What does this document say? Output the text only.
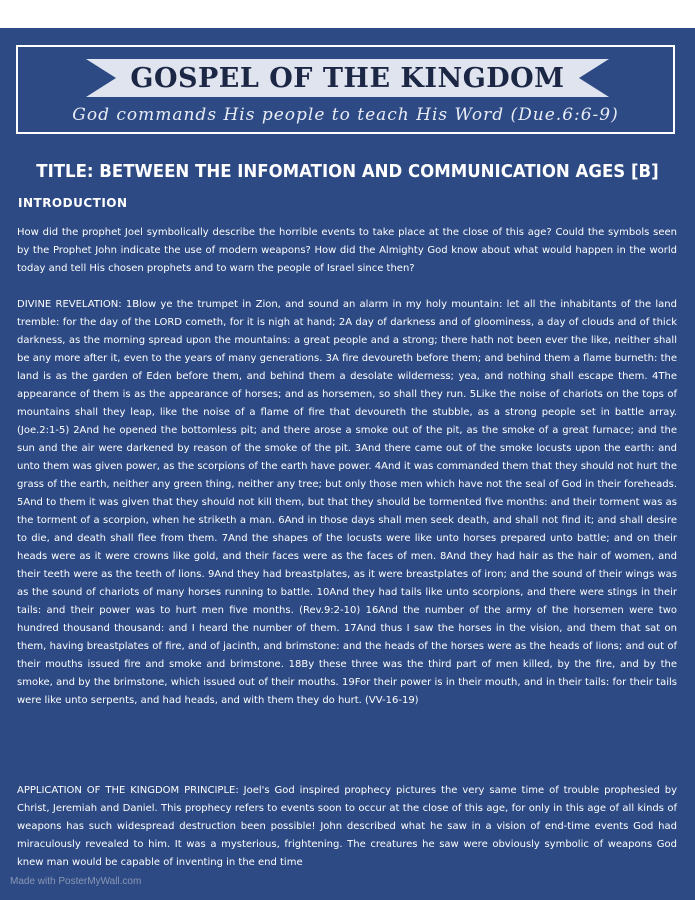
GOSPEL OF THE KINGDOM
God commands His people to teach His Word (Due.6:6-9)
TITLE: BETWEEN THE INFOMATION AND COMMUNICATION AGES [B]
INTRODUCTION

How did the prophet Joel symbolically describe the horrible events to take place at the close of this age? Could the symbols seen by the Prophet John indicate the use of modern weapons? How did the Almighty God know about what would happen in the world today and tell His chosen prophets and to warn the people of Israel since then?

DIVINE REVELATION: 1Blow ye the trumpet in Zion, and sound an alarm in my holy mountain: let all the inhabitants of the land tremble: for the day of the LORD cometh, for it is nigh at hand; 2A day of darkness and of gloominess, a day of clouds and of thick darkness, as the morning spread upon the mountains: a great people and a strong; there hath not been ever the like, neither shall be any more after it, even to the years of many generations. 3A fire devoureth before them; and behind them a flame burneth: the land is as the garden of Eden before them, and behind them a desolate wilderness; yea, and nothing shall escape them. 4The appearance of them is as the appearance of horses; and as horsemen, so shall they run. 5Like the noise of chariots on the tops of mountains shall they leap, like the noise of a flame of fire that devoureth the stubble, as a strong people set in battle array. (Joe.2:1-5) 2And he opened the bottomless pit; and there arose a smoke out of the pit, as the smoke of a great furnace; and the sun and the air were darkened by reason of the smoke of the pit. 3And there came out of the smoke locusts upon the earth: and unto them was given power, as the scorpions of the earth have power. 4And it was commanded them that they should not hurt the grass of the earth, neither any green thing, neither any tree; but only those men which have not the seal of God in their foreheads. 5And to them it was given that they should not kill them, but that they should be tormented five months: and their torment was as the torment of a scorpion, when he striketh a man. 6And in those days shall men seek death, and shall not find it; and shall desire to die, and death shall flee from them. 7And the shapes of the locusts were like unto horses prepared unto battle; and on their heads were as it were crowns like gold, and their faces were as the faces of men. 8And they had hair as the hair of women, and their teeth were as the teeth of lions. 9And they had breastplates, as it were breastplates of iron; and the sound of their wings was as the sound of chariots of many horses running to battle. 10And they had tails like unto scorpions, and there were stings in their tails: and their power was to hurt men five months. (Rev.9:2-10) 16And the number of the army of the horsemen were two hundred thousand thousand: and I heard the number of them. 17And thus I saw the horses in the vision, and them that sat on them, having breastplates of fire, and of jacinth, and brimstone: and the heads of the horses were as the heads of lions; and out of their mouths issued fire and smoke and brimstone. 18By these three was the third part of men killed, by the fire, and by the smoke, and by the brimstone, which issued out of their mouths. 19For their power is in their mouth, and in their tails: for their tails were like unto serpents, and had heads, and with them they do hurt. (VV-16-19)

APPLICATION OF THE KINGDOM PRINCIPLE: Joel's God inspired prophecy pictures the very same time of trouble prophesied by Christ, Jeremiah and Daniel. This prophecy refers to events soon to occur at the close of this age, for only in this age of all kinds of weapons has such widespread destruction been possible! John described what he saw in a vision of end-time events God had miraculously revealed to him. It was a mysterious, frightening. The creatures he saw were obviously symbolic of weapons God knew man would be capable of inventing in the end time

Made with PosterMyWall.com
